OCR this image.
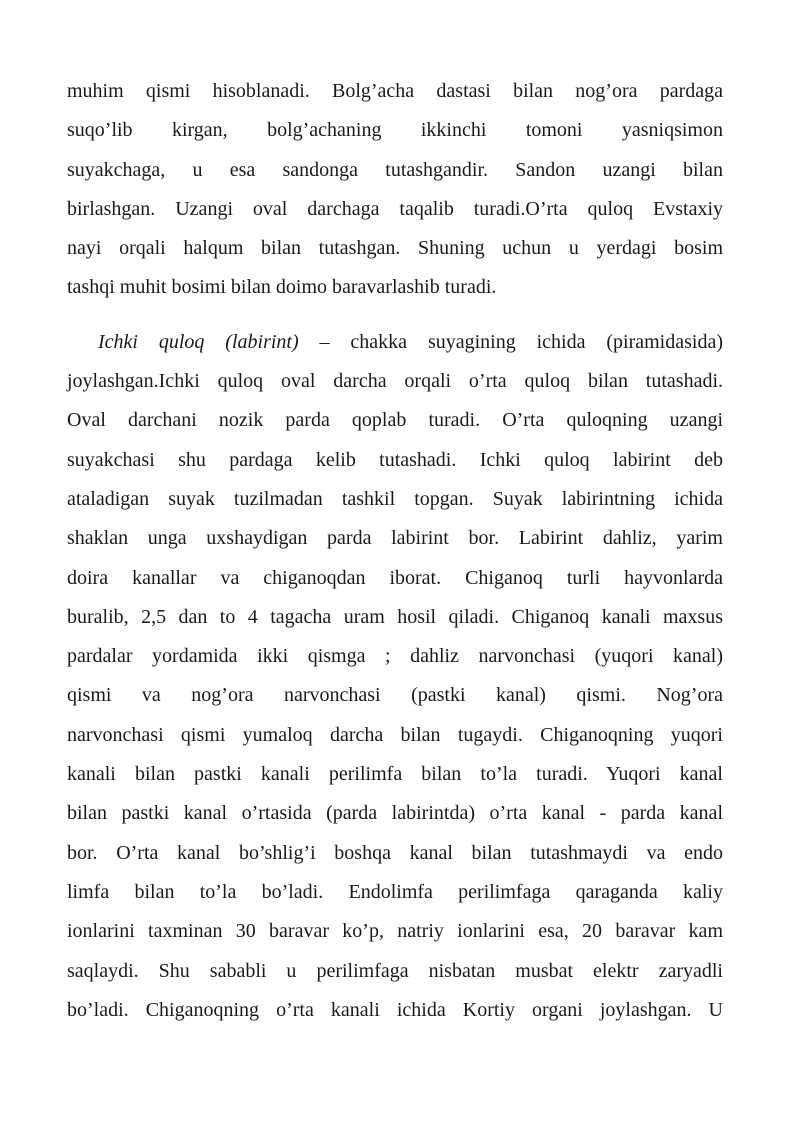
muhim qismi hisoblanadi. Bolg’acha dastasi bilan nog’ora pardaga
suqo’lib kirgan, bolg’achaning ikkinchi tomoni yasniqsimon
suyakchaga, u esa sandonga tutashgandir. Sandon uzangi bilan
birlashgan. Uzangi oval darchaga taqalib turadi.O’rta quloq Evstaxiy
nayi orqali halqum bilan tutashgan. Shuning uchun u yerdagi bosim
tashqi muhit bosimi bilan doimo baravarlashib turadi.
Ichki quloq (labirint) – chakka suyagining ichida (piramidasida)
joylashgan.Ichki quloq oval darcha orqali o’rta quloq bilan tutashadi.
Oval darchani nozik parda qoplab turadi. O’rta quloqning uzangi
suyakchasi shu pardaga kelib tutashadi. Ichki quloq labirint deb
ataladigan suyak tuzilmadan tashkil topgan. Suyak labirintning ichida
shaklan unga uxshaydigan parda labirint bor. Labirint dahliz, yarim
doira kanallar va chiganoqdan iborat. Chiganoq turli hayvonlarda
buralib, 2,5 dan to 4 tagacha uram hosil qiladi. Chiganoq kanali maxsus
pardalar yordamida ikki qismga ; dahliz narvonchasi (yuqori kanal)
qismi va nog’ora narvonchasi (pastki kanal) qismi. Nog’ora
narvonchasi qismi yumaloq darcha bilan tugaydi. Chiganoqning yuqori
kanali bilan pastki kanali perilimfa bilan to’la turadi. Yuqori kanal
bilan pastki kanal o’rtasida (parda labirintda) o’rta kanal - parda kanal
bor. O’rta kanal bo’shlig’i boshqa kanal bilan tutashmaydi va endo
limfa bilan to’la bo’ladi. Endolimfa perilimfaga qaraganda kaliy
ionlarini taxminan 30 baravar ko’p, natriy ionlarini esa, 20 baravar kam
saqlaydi. Shu sababli u perilimfaga nisbatan musbat elektr zaryadli
bo’ladi. Chiganoqning o’rta kanali ichida Kortiy organi joylashgan. U
